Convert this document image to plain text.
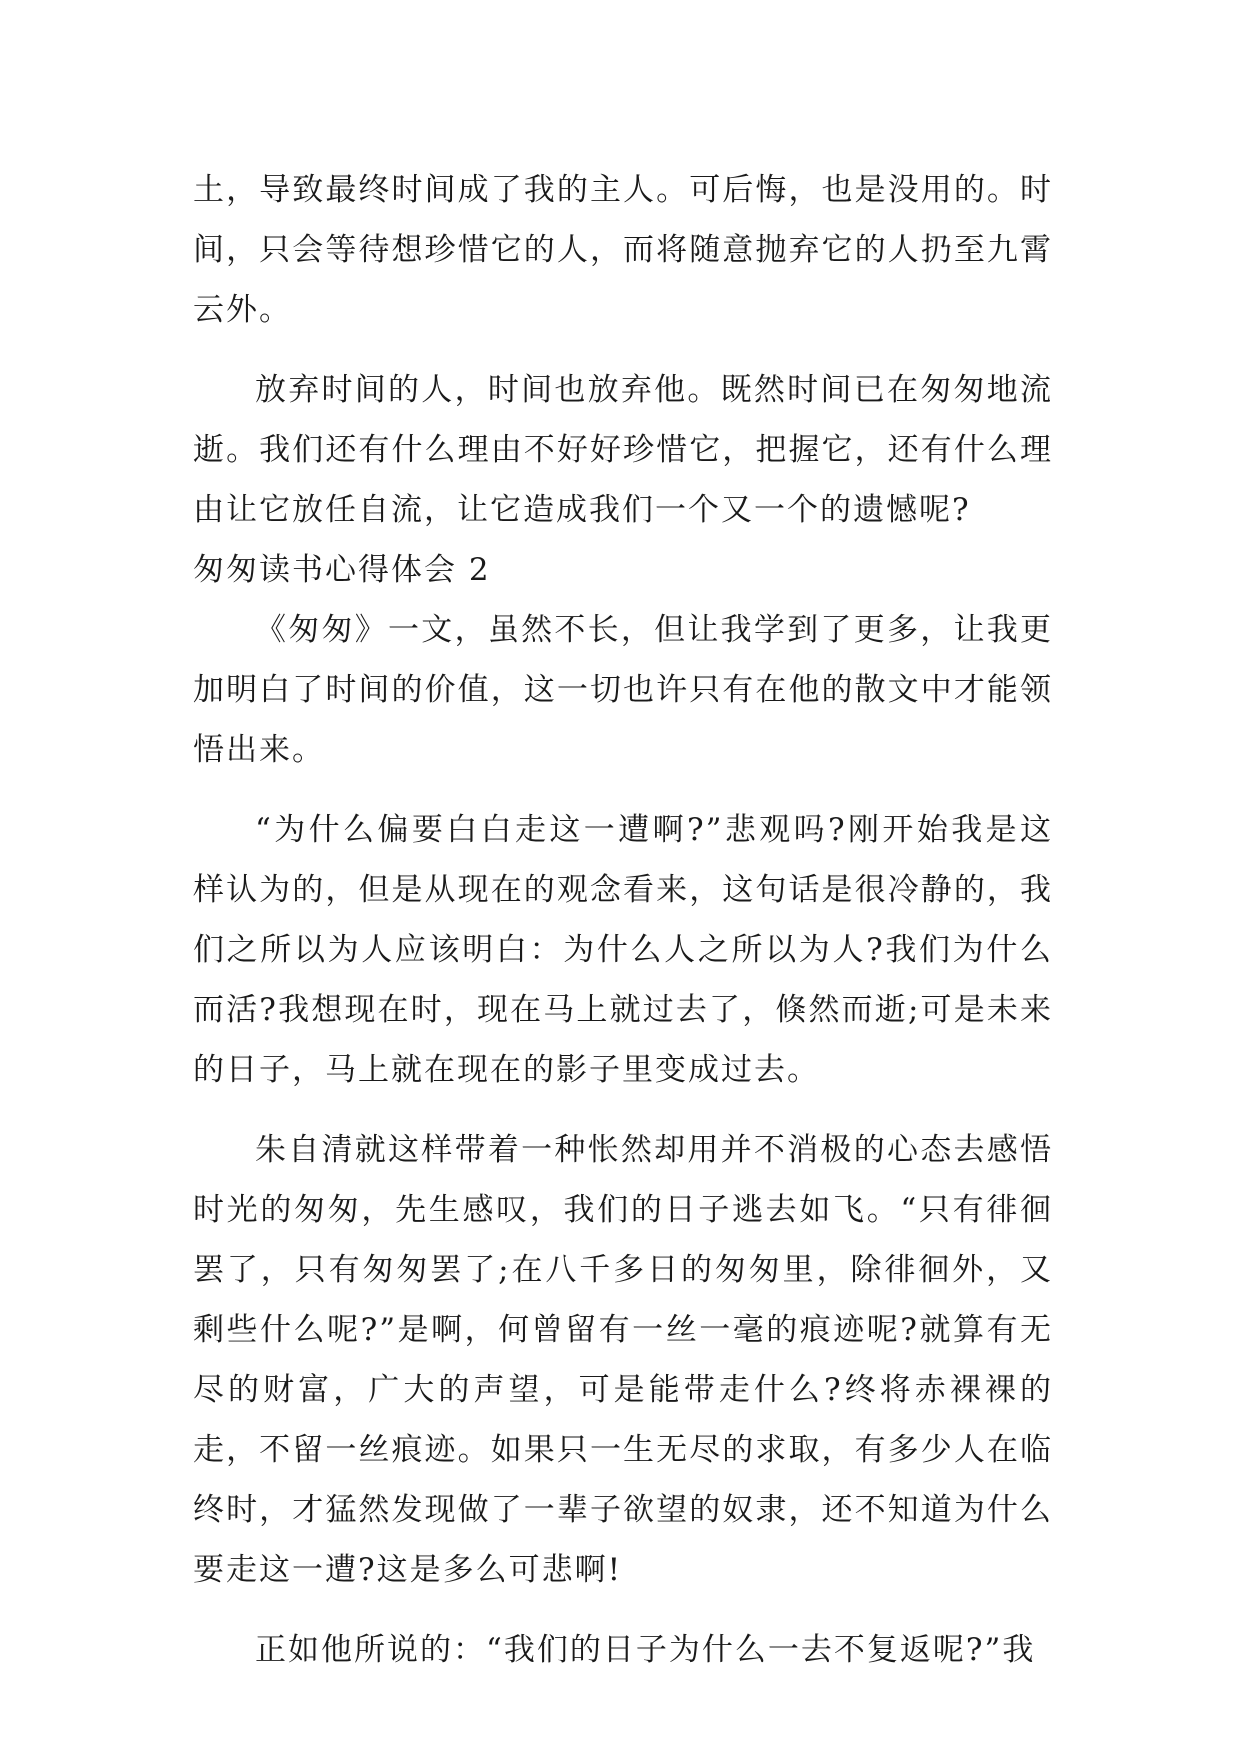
土，导致最终时间成了我的主人。可后悔，也是没用的。时间，只会等待想珍惜它的人，而将随意抛弃它的人扔至九霄云外。

放弃时间的人，时间也放弃他。既然时间已在匆匆地流逝。我们还有什么理由不好好珍惜它，把握它，还有什么理由让它放任自流，让它造成我们一个又一个的遗憾呢?

匆匆读书心得体会 2

《匆匆》一文，虽然不长，但让我学到了更多，让我更加明白了时间的价值，这一切也许只有在他的散文中才能领悟出来。

“为什么偏要白白走这一遭啊?”悲观吗?刚开始我是这样认为的，但是从现在的观念看来，这句话是很冷静的，我们之所以为人应该明白：为什么人之所以为人?我们为什么而活?我想现在时，现在马上就过去了，倏然而逝;可是未来的日子，马上就在现在的影子里变成过去。

朱自清就这样带着一种怅然却用并不消极的心态去感悟时光的匆匆，先生感叹，我们的日子逃去如飞。“只有徘徊罢了，只有匆匆罢了;在八千多日的匆匆里，除徘徊外，又剩些什么呢?”是啊，何曾留有一丝一毫的痕迹呢?就算有无尽的财富，广大的声望，可是能带走什么?终将赤裸裸的走，不留一丝痕迹。如果只一生无尽的求取，有多少人在临终时，才猛然发现做了一辈子欲望的奴隶，还不知道为什么要走这一遭?这是多么可悲啊!

正如他所说的：“我们的日子为什么一去不复返呢?”我
